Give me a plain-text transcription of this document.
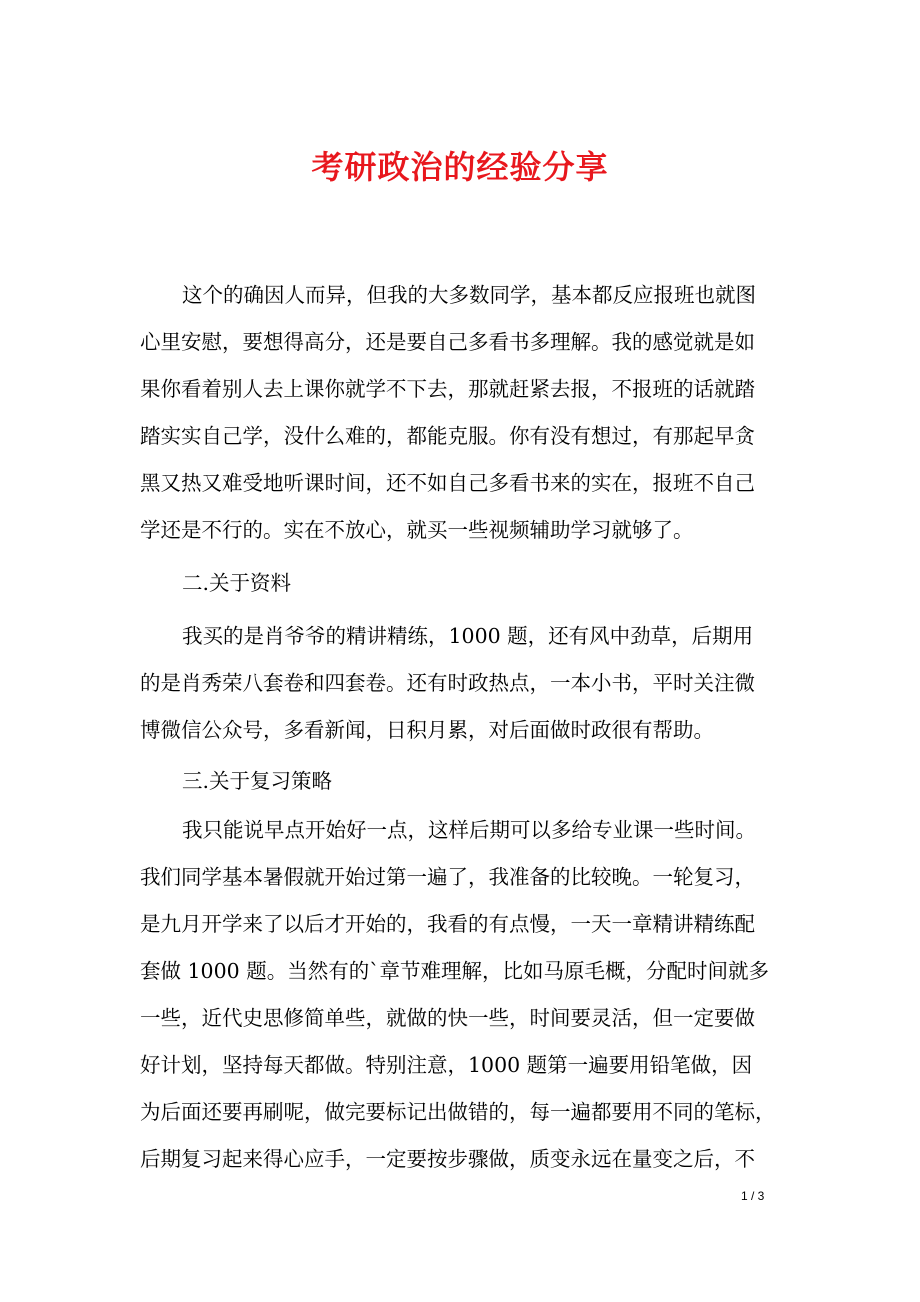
考研政治的经验分享
这个的确因人而异，但我的大多数同学，基本都反应报班也就图
心里安慰，要想得高分，还是要自己多看书多理解。我的感觉就是如
果你看着别人去上课你就学不下去，那就赶紧去报，不报班的话就踏
踏实实自己学，没什么难的，都能克服。你有没有想过，有那起早贪
黑又热又难受地听课时间，还不如自己多看书来的实在，报班不自己
学还是不行的。实在不放心，就买一些视频辅助学习就够了。
二.关于资料
我买的是肖爷爷的精讲精练，1000 题，还有风中劲草，后期用
的是肖秀荣八套卷和四套卷。还有时政热点，一本小书，平时关注微
博微信公众号，多看新闻，日积月累，对后面做时政很有帮助。
三.关于复习策略
我只能说早点开始好一点，这样后期可以多给专业课一些时间。
我们同学基本暑假就开始过第一遍了，我准备的比较晚。一轮复习，
是九月开学来了以后才开始的，我看的有点慢，一天一章精讲精练配
套做 1000 题。当然有的`章节难理解，比如马原毛概，分配时间就多
一些，近代史思修简单些，就做的快一些，时间要灵活，但一定要做
好计划，坚持每天都做。特别注意，1000 题第一遍要用铅笔做，因
为后面还要再刷呢，做完要标记出做错的，每一遍都要用不同的笔标，
后期复习起来得心应手，一定要按步骤做，质变永远在量变之后，不
1 / 3
